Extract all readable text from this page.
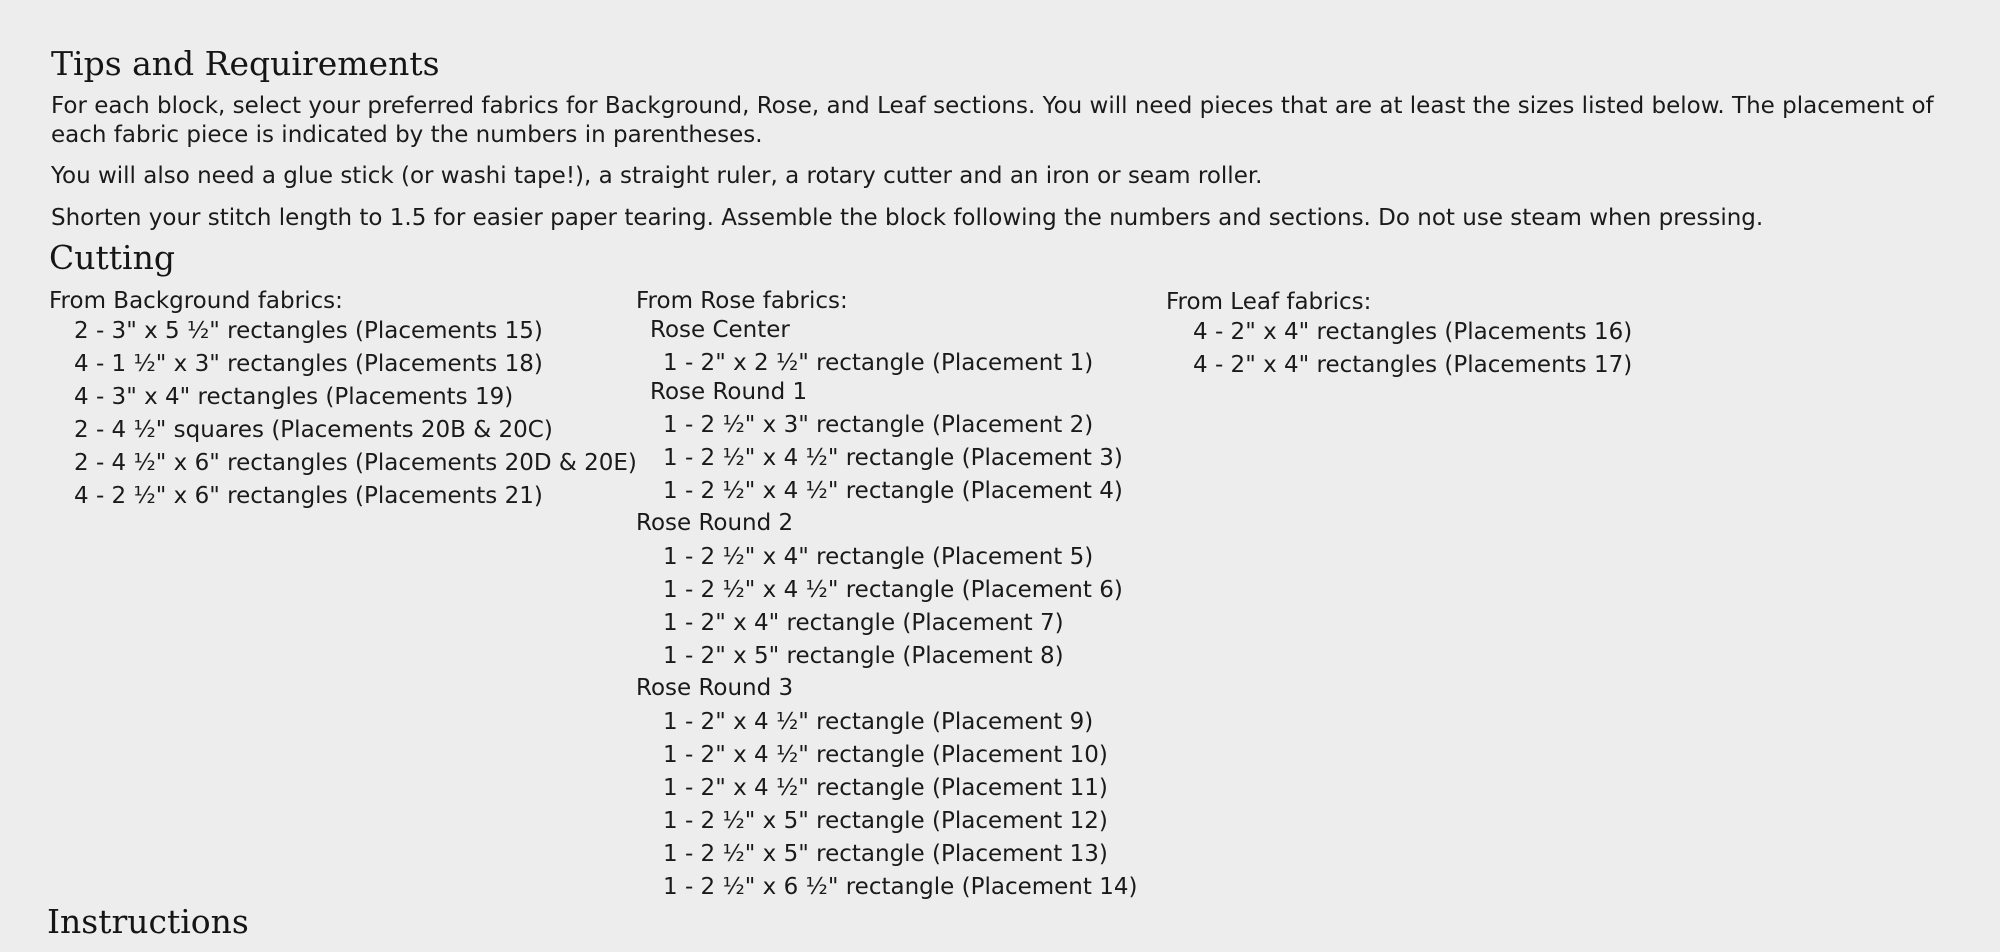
Tips and Requirements

For each block, select your preferred fabrics for Background, Rose, and Leaf sections. You will need pieces that are at least the sizes listed below. The placement of each fabric piece is indicated by the numbers in parentheses.

You will also need a glue stick (or washi tape!), a straight ruler, a rotary cutter and an iron or seam roller.

Shorten your stitch length to 1.5 for easier paper tearing. Assemble the block following the numbers and sections. Do not use steam when pressing.

Cutting
From Background fabrics:
2 - 3" x 5 ½" rectangles (Placements 15)
4 - 1 ½" x 3" rectangles (Placements 18)
4 - 3" x 4" rectangles (Placements 19)
2 - 4 ½" squares (Placements 20B & 20C)
2 - 4 ½" x 6" rectangles (Placements 20D & 20E)
4 - 2 ½" x 6" rectangles (Placements 21)
From Rose fabrics:
Rose Center
1 - 2" x 2 ½" rectangle (Placement 1)
Rose Round 1
1 - 2 ½" x 3" rectangle (Placement 2)
1 - 2 ½" x 4 ½" rectangle (Placement 3)
1 - 2 ½" x 4 ½" rectangle (Placement 4)
Rose Round 2
1 - 2 ½" x 4" rectangle (Placement 5)
1 - 2 ½" x 4 ½" rectangle (Placement 6)
1 - 2" x 4" rectangle (Placement 7)
1 - 2" x 5" rectangle (Placement 8)
Rose Round 3
1 - 2" x 4 ½" rectangle (Placement 9)
1 - 2" x 4 ½" rectangle (Placement 10)
1 - 2" x 4 ½" rectangle (Placement 11)
1 - 2 ½" x 5" rectangle (Placement 12)
1 - 2 ½" x 5" rectangle (Placement 13)
1 - 2 ½" x 6 ½" rectangle (Placement 14)
From Leaf fabrics:
4 - 2" x 4" rectangles (Placements 16)
4 - 2" x 4" rectangles (Placements 17)
Instructions
